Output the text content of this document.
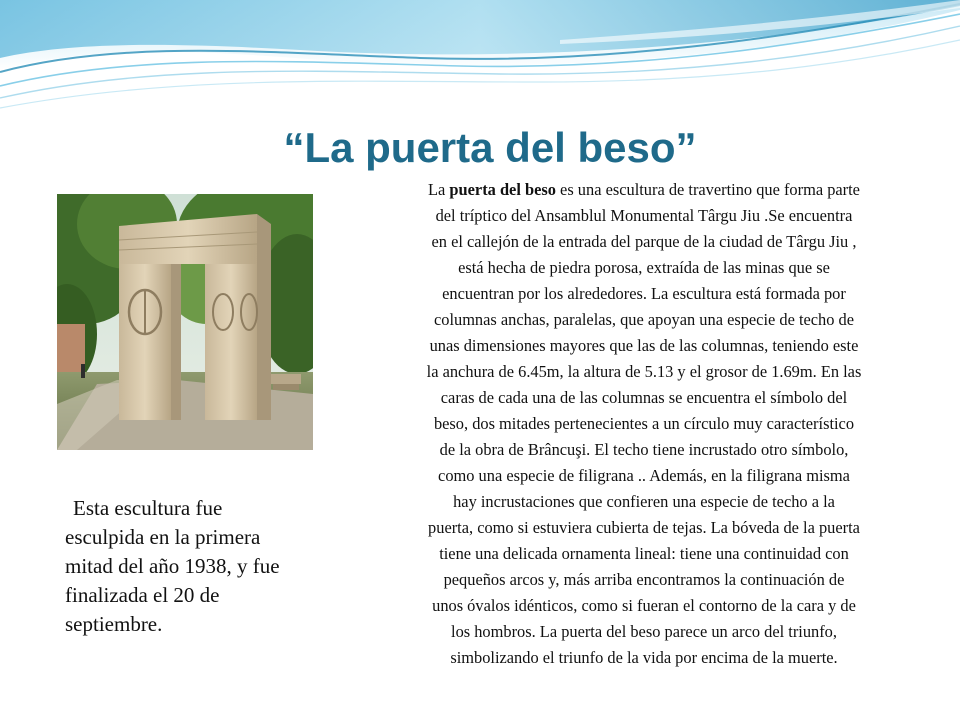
“La puerta del beso”

La puerta del beso es una escultura de travertino que forma parte
del tríptico del Ansamblul Monumental Târgu Jiu .Se encuentra
en el callejón de la entrada del parque de la ciudad de Târgu Jiu ,
está hecha de piedra porosa, extraída de las minas que se
encuentran por los alrededores. La escultura está formada por
columnas anchas, paralelas, que apoyan una especie de techo de
unas dimensiones mayores que las de las columnas, teniendo este
la anchura de 6.45m, la altura de 5.13 y el grosor de 1.69m. En las
caras de cada una de las columnas se encuentra el símbolo del
beso, dos mitades pertenecientes a un círculo muy característico
de la obra de Brâncuşi. El techo tiene incrustado otro símbolo,
como una especie de filigrana .. Además, en la filigrana misma
hay incrustaciones que confieren una especie de techo a la
puerta, como si estuviera cubierta de tejas. La bóveda de la puerta
tiene una delicada ornamenta lineal: tiene una continuidad con
pequeños arcos y, más arriba encontramos la continuación de
unos óvalos idénticos, como si fueran el contorno de la cara y de
los hombros. La puerta del beso parece un arco del triunfo,
simbolizando el triunfo de la vida por encima de la muerte.

Esta escultura fue
esculpida en la primera
mitad del año 1938, y fue
finalizada el 20 de
septiembre.
